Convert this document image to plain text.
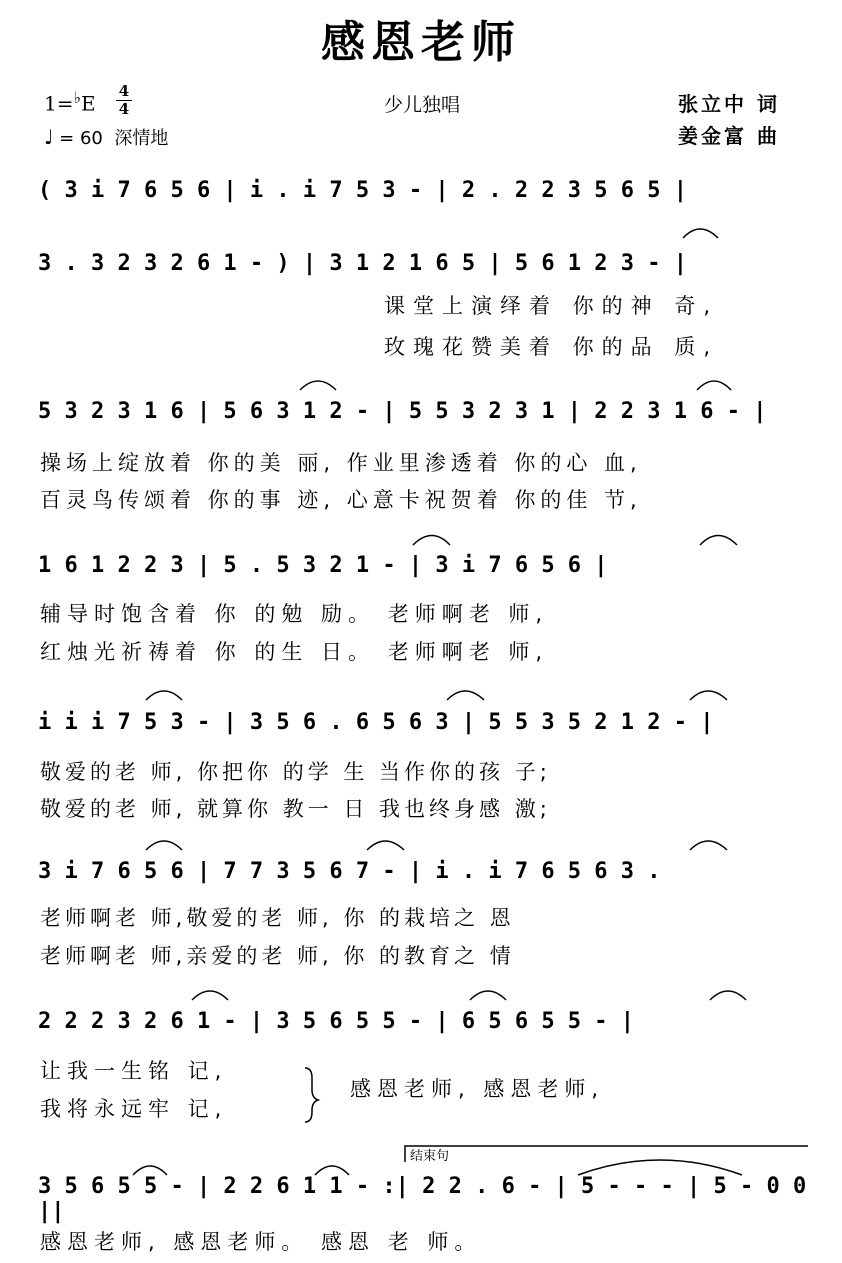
感恩老师
1=♭E
4
4	少儿独唱
♩ = 60 深情地
张立中 词
姜金富 曲
( 3 i 7 6 5 6 | i . i 7 5 3 - | 2 . 2 2 3 5 6 5 |
3 . 3 2 3 2 6 1 - ) | 3 1 2 1 6 5 | 5 6 1 2 3 - |
课堂上演绎着 你的神 奇,
玫瑰花赞美着 你的品 质,
5 3 2 3 1 6 | 5 6 3 1 2 - | 5 5 3 2 3 1 | 2 2 3 1 6 - |
操场上绽放着 你的美 丽, 作业里渗透着 你的心 血,
百灵鸟传颂着 你的事 迹, 心意卡祝贺着 你的佳 节,
1 6 1 2 2 3 | 5 . 5 3 2 1 - | 3 i 7 6 5 6 |
辅导时饱含着 你 的勉 励。 老师啊老 师,
红烛光祈祷着 你 的生 日。 老师啊老 师,
i i i 7 5 3 - | 3 5 6 . 6 5 6 3 | 5 5 3 5 2 1 2 - |
敬爱的老 师, 你把你 的学 生 当作你的孩 子;
敬爱的老 师, 就算你 教一 日 我也终身感 激;
3 i 7 6 5 6 | 7 7 3 5 6 7 - | i . i 7 6 5 6 3 .
老师啊老 师,敬爱的老 师, 你 的栽培之 恩
老师啊老 师,亲爱的老 师, 你 的教育之 情
2 2 2 3 2 6 1 - | 3 5 6 5 5 - | 6 5 6 5 5 - |
让我一生铭 记,
我将永远牢 记,
感恩老师, 感恩老师,
结束句
3 5 6 5 5 - | 2 2 6 1 1 - :| 2 2 . 6 - | 5 - - - | 5 - 0 0 ||
感恩老师, 感恩老师。 感恩 老 师。
